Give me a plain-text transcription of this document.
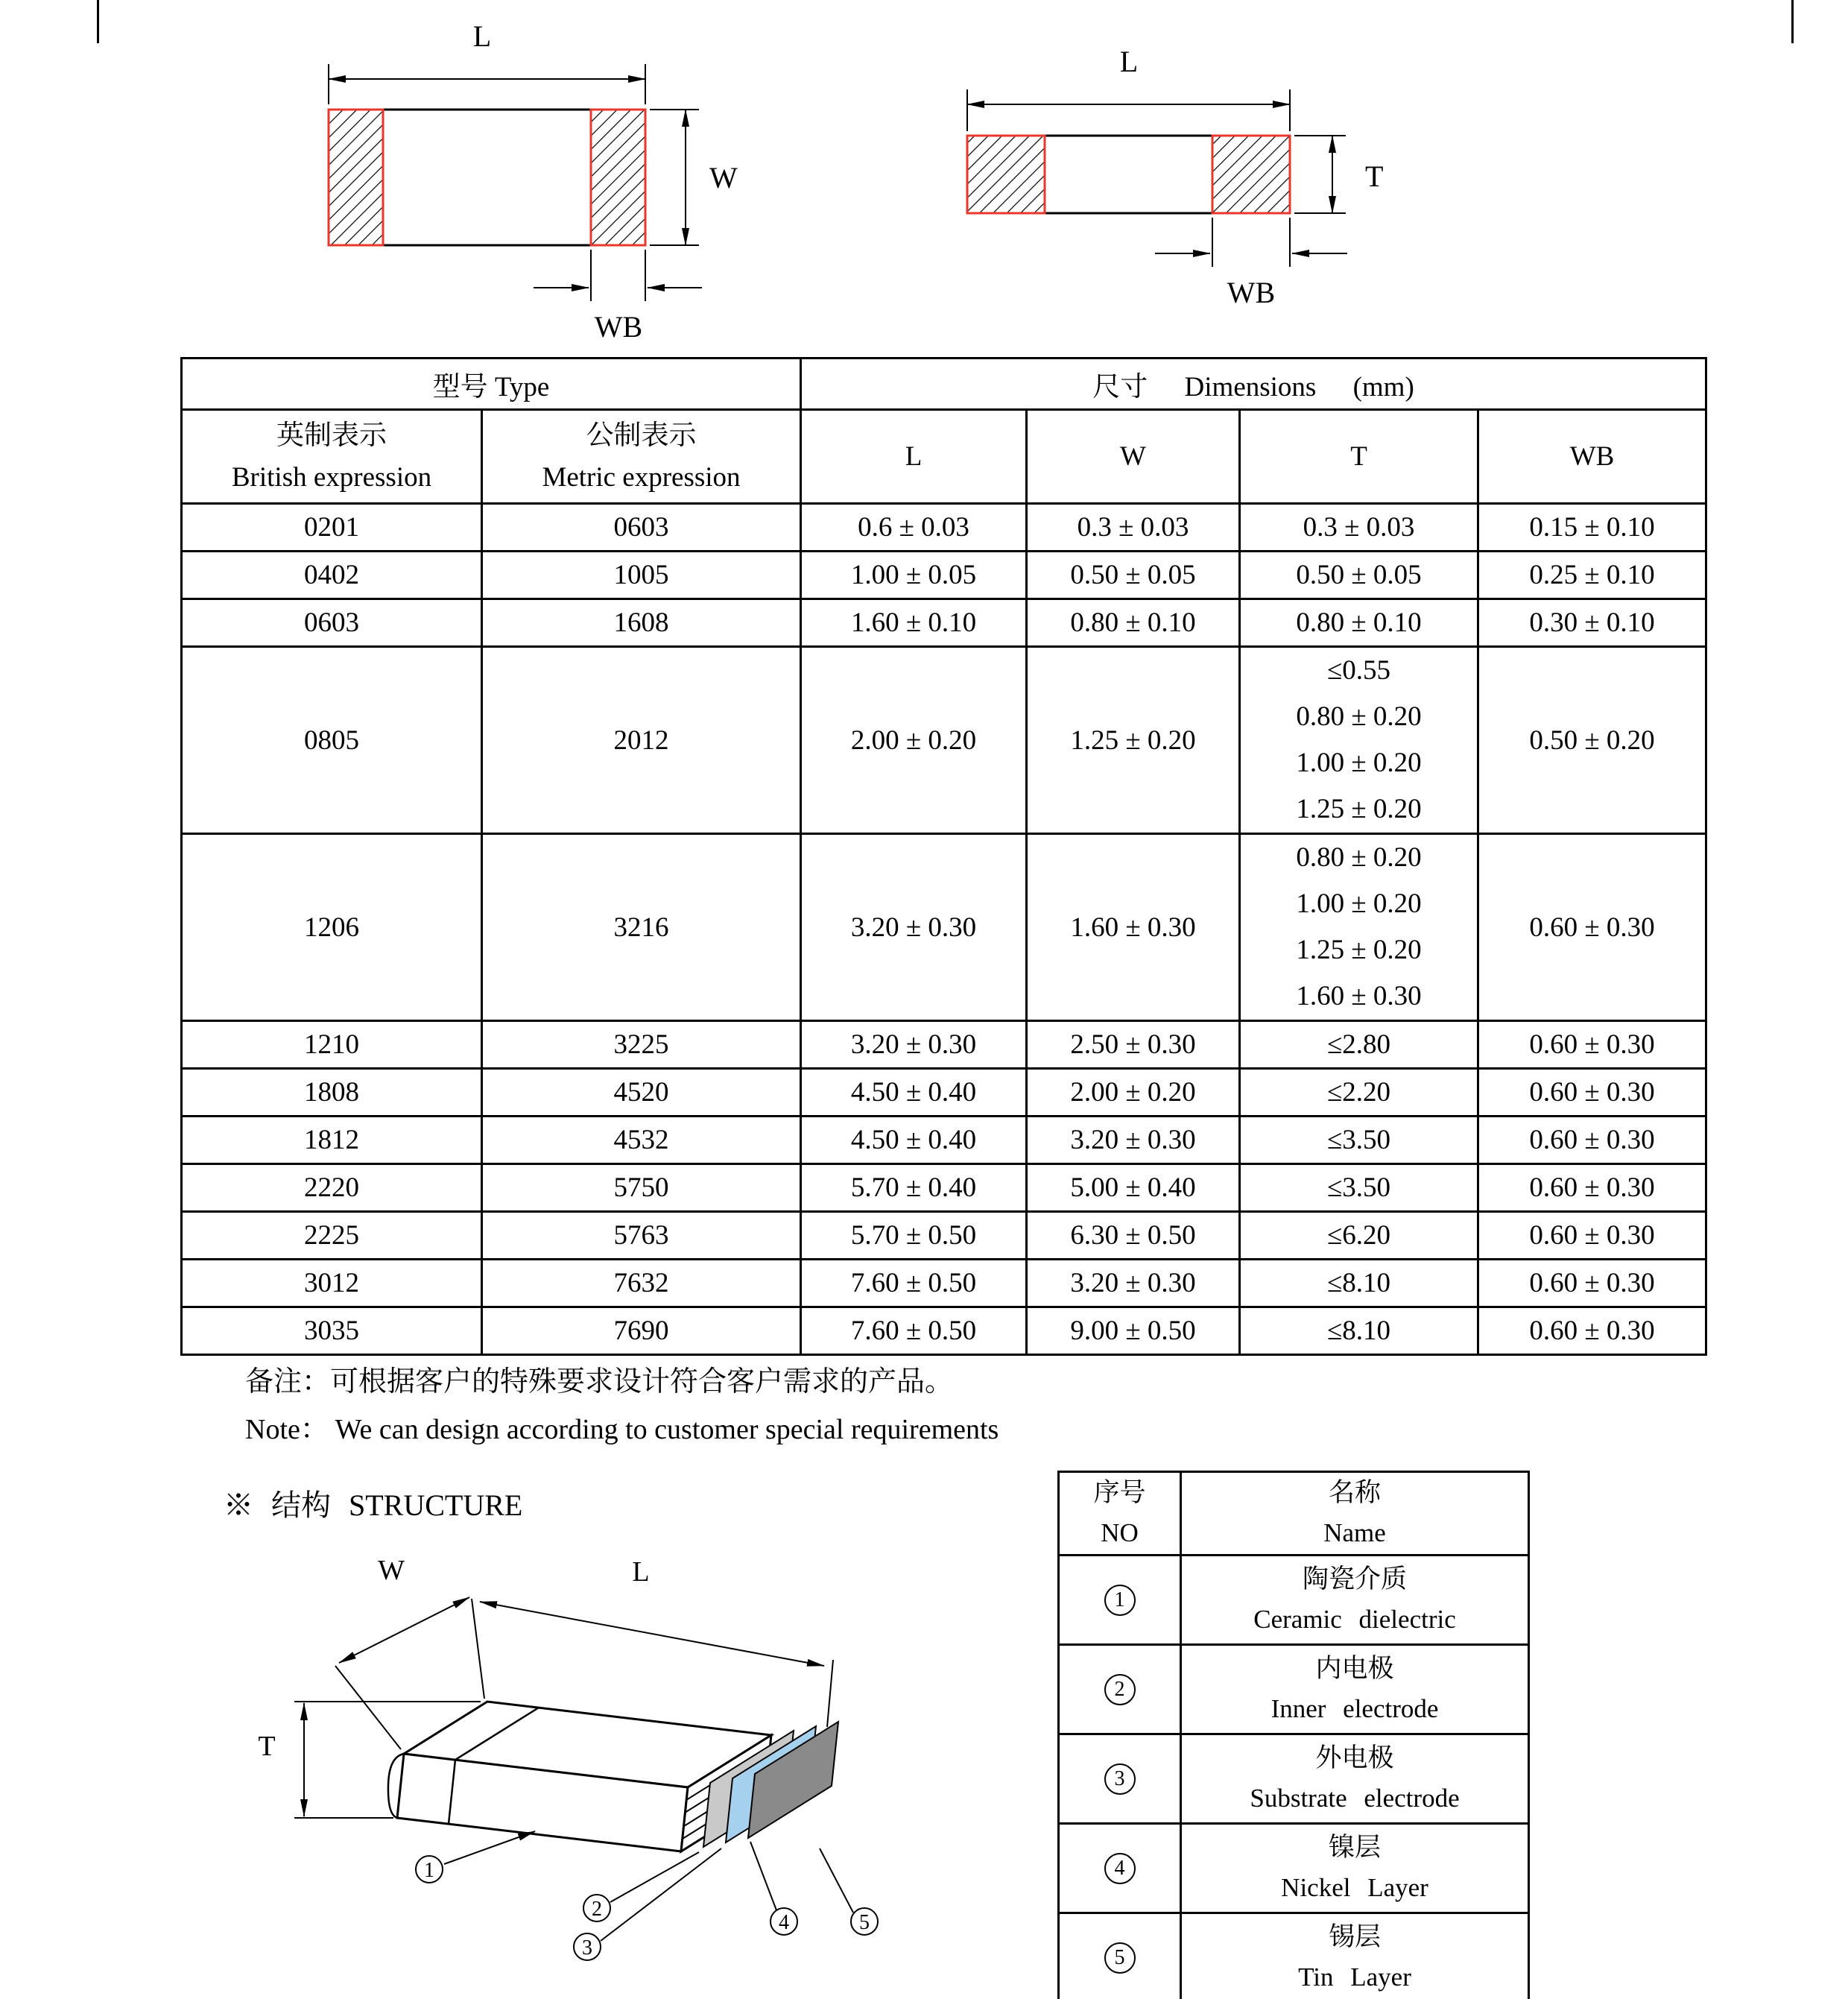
L
W
WB
L
T
WB
型号 Type		尺寸 Dimensions (mm)			

英制表示
British expression

公制表示
Metric expression
	L	W	T	WB
0201	0603	0.6 ± 0.03	0.3 ± 0.03	0.3 ± 0.03	0.15 ± 0.10
0402	1005	1.00 ± 0.05	0.50 ± 0.05	0.50 ± 0.05	0.25 ± 0.10
0603	1608	1.60 ± 0.10	0.80 ± 0.10	0.80 ± 0.10	0.30 ± 0.10
0805	2012	2.00 ± 0.20	1.25 ± 0.20	≤0.55
0.80 ± 0.20
1.00 ± 0.20
1.25 ± 0.20	0.50 ± 0.20
1206	3216	3.20 ± 0.30	1.60 ± 0.30	0.80 ± 0.20
1.00 ± 0.20
1.25 ± 0.20
1.60 ± 0.30	0.60 ± 0.30
1210	3225	3.20 ± 0.30	2.50 ± 0.30	≤2.80	0.60 ± 0.30
1808	4520	4.50 ± 0.40	2.00 ± 0.20	≤2.20	0.60 ± 0.30
1812	4532	4.50 ± 0.40	3.20 ± 0.30	≤3.50	0.60 ± 0.30
2220	5750	5.70 ± 0.40	5.00 ± 0.40	≤3.50	0.60 ± 0.30
2225	5763	5.70 ± 0.50	6.30 ± 0.50	≤6.20	0.60 ± 0.30
3012	7632	7.60 ± 0.50	3.20 ± 0.30	≤8.10	0.60 ± 0.30
3035	7690	7.60 ± 0.50	9.00 ± 0.50	≤8.10	0.60 ± 0.30
备注：可根据客户的特殊要求设计符合客户需求的产品。
Note： We can design according to customer special requirements
※ 结构 STRUCTURE
W	L
T
1
2
3
4	5
序号
NO

名称
Name

1	陶瓷介质
Ceramic dielectric

2	内电极
Inner electrode

3	外电极
Substrate electrode

4	镍层
Nickel Layer

5	锡层
Tin Layer
